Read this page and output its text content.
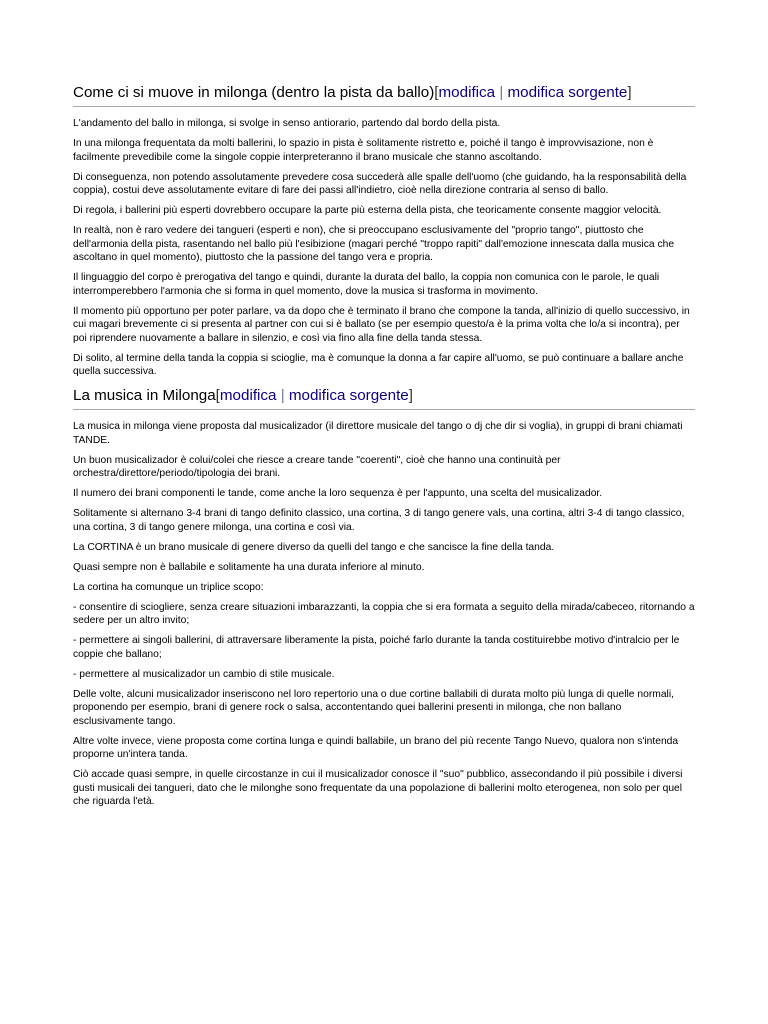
Come ci si muove in milonga (dentro la pista da ballo)[modifica | modifica sorgente]

L'andamento del ballo in milonga, si svolge in senso antiorario, partendo dal bordo della pista.

In una milonga frequentata da molti ballerini, lo spazio in pista è solitamente ristretto e, poiché il tango è improvvisazione, non è facilmente prevedibile come la singole coppie interpreteranno il brano musicale che stanno ascoltando.

Di conseguenza, non potendo assolutamente prevedere cosa succederà alle spalle dell'uomo (che guidando, ha la responsabilità della coppia), costui deve assolutamente evitare di fare dei passi all'indietro, cioè nella direzione contraria al senso di ballo.

Di regola, i ballerini più esperti dovrebbero occupare la parte più esterna della pista, che teoricamente consente maggior velocità.

In realtà, non è raro vedere dei tangueri (esperti e non), che si preoccupano esclusivamente del "proprio tango", piuttosto che dell'armonia della pista, rasentando nel ballo più l'esibizione (magari perché "troppo rapiti" dall'emozione innescata dalla musica che ascoltano in quel momento), piuttosto che la passione del tango vera e propria.

Il linguaggio del corpo è prerogativa del tango e quindi, durante la durata del ballo, la coppia non comunica con le parole, le quali interromperebbero l'armonia che si forma in quel momento, dove la musica si trasforma in movimento.

Il momento più opportuno per poter parlare, va da dopo che è terminato il brano che compone la tanda, all'inizio di quello successivo, in cui magari brevemente ci si presenta al partner con cui si è ballato (se per esempio questo/a è la prima volta che lo/a si incontra), per poi riprendere nuovamente a ballare in silenzio, e così via fino alla fine della tanda stessa.

Di solito, al termine della tanda la coppia si scioglie, ma è comunque la donna a far capire all'uomo, se può continuare a ballare anche quella successiva.

La musica in Milonga[modifica | modifica sorgente]

La musica in milonga viene proposta dal musicalizador (il direttore musicale del tango o dj che dir si voglia), in gruppi di brani chiamati TANDE.

Un buon musicalizador è colui/colei che riesce a creare tande "coerenti", cioè che hanno una continuità per orchestra/direttore/periodo/tipologia dei brani.

Il numero dei brani componenti le tande, come anche la loro sequenza è per l'appunto, una scelta del musicalizador.

Solitamente si alternano 3-4 brani di tango definito classico, una cortina, 3 di tango genere vals, una cortina, altri 3-4 di tango classico, una cortina, 3 di tango genere milonga, una cortina e così via.

La CORTINA è un brano musicale di genere diverso da quelli del tango e che sancisce la fine della tanda.

Quasi sempre non è ballabile e solitamente ha una durata inferiore al minuto.

La cortina ha comunque un triplice scopo:

- consentire di sciogliere, senza creare situazioni imbarazzanti, la coppia che si era formata a seguito della mirada/cabeceo, ritornando a sedere per un altro invito;

- permettere ai singoli ballerini, di attraversare liberamente la pista, poiché farlo durante la tanda costituirebbe motivo d'intralcio per le coppie che ballano;

- permettere al musicalizador un cambio di stile musicale.

Delle volte, alcuni musicalizador inseriscono nel loro repertorio una o due cortine ballabili di durata molto più lunga di quelle normali, proponendo per esempio, brani di genere rock o salsa, accontentando quei ballerini presenti in milonga, che non ballano esclusivamente tango.

Altre volte invece, viene proposta come cortina lunga e quindi ballabile, un brano del più recente Tango Nuevo, qualora non s'intenda proporne un'intera tanda.

Ciò accade quasi sempre, in quelle circostanze in cui il musicalizador conosce il "suo" pubblico, assecondando il più possibile i diversi gusti musicali dei tangueri, dato che le milonghe sono frequentate da una popolazione di ballerini molto eterogenea, non solo per quel che riguarda l'età.
